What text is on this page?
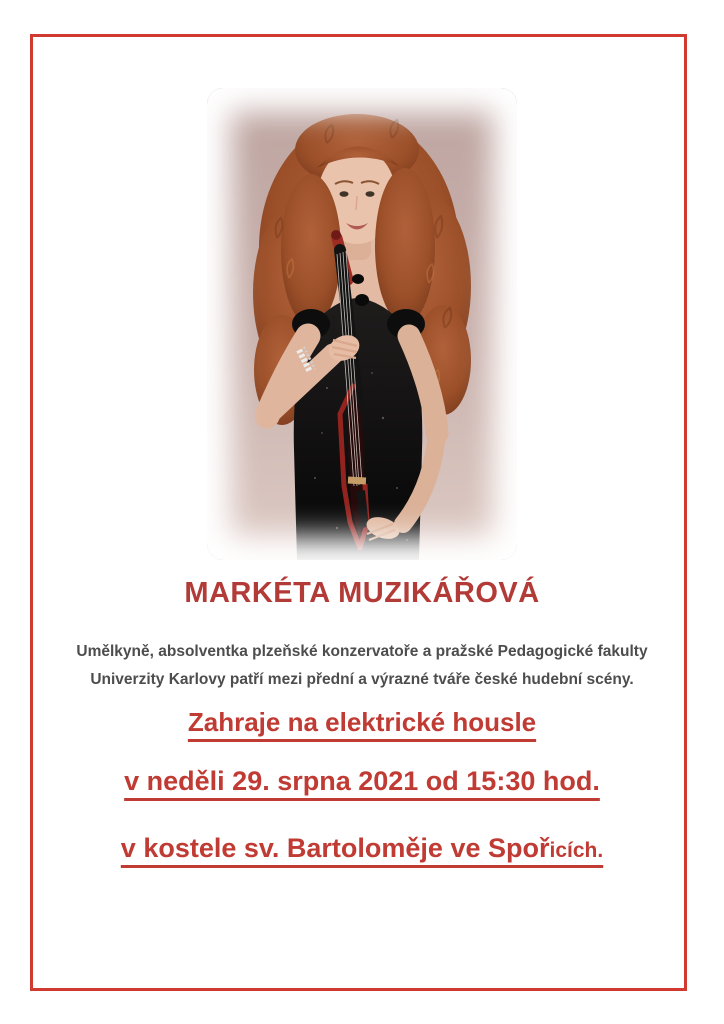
MARKÉTA MUZIKÁŘOVÁ
Umělkyně, absolventka plzeňské konzervatoře a pražské Pedagogické fakulty
Univerzity Karlovy patří mezi přední a výrazné tváře české hudební scény.
Zahraje na elektrické housle
v neděli 29. srpna 2021 od 15:30 hod.
v kostele sv. Bartoloměje ve Spořicích.
